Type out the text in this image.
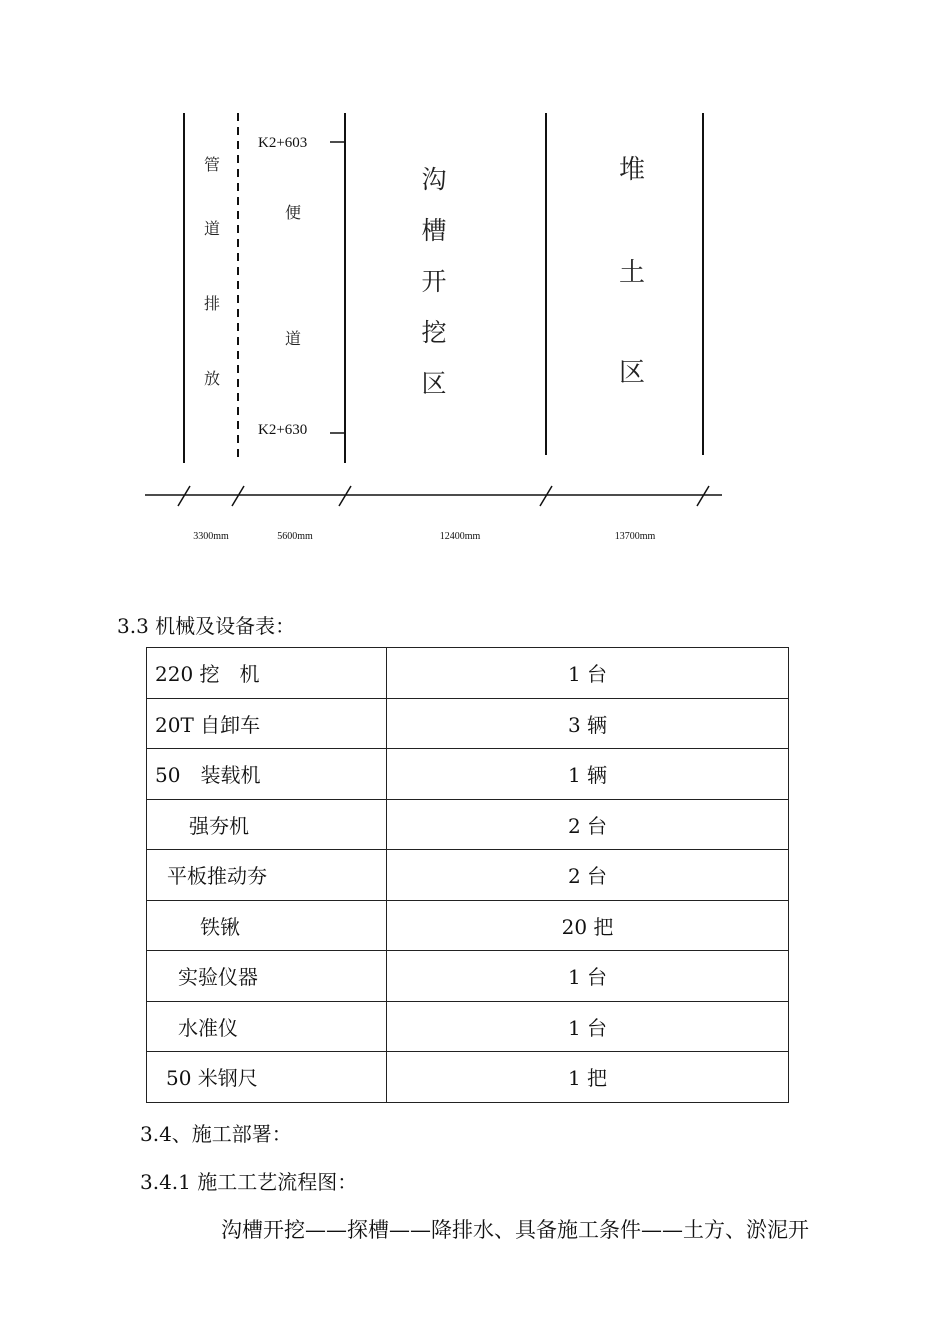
管
道
排
放
便
道
K2+603
K2+630
沟
槽
开
挖
区
堆
土
区
3300mm	5600mm	12400mm	13700mm
3.3 机械及设备表：
220 挖　机	1 台
20T 自卸车	3 辆
50　装载机	1 辆
强夯机	2 台
平板推动夯	2 台
铁锹	20 把
实验仪器	1 台
水准仪	1 台
50 米钢尺	1 把
3.4、施工部署：
3.4.1 施工工艺流程图：
沟槽开挖——探槽——降排水、具备施工条件——土方、淤泥开
